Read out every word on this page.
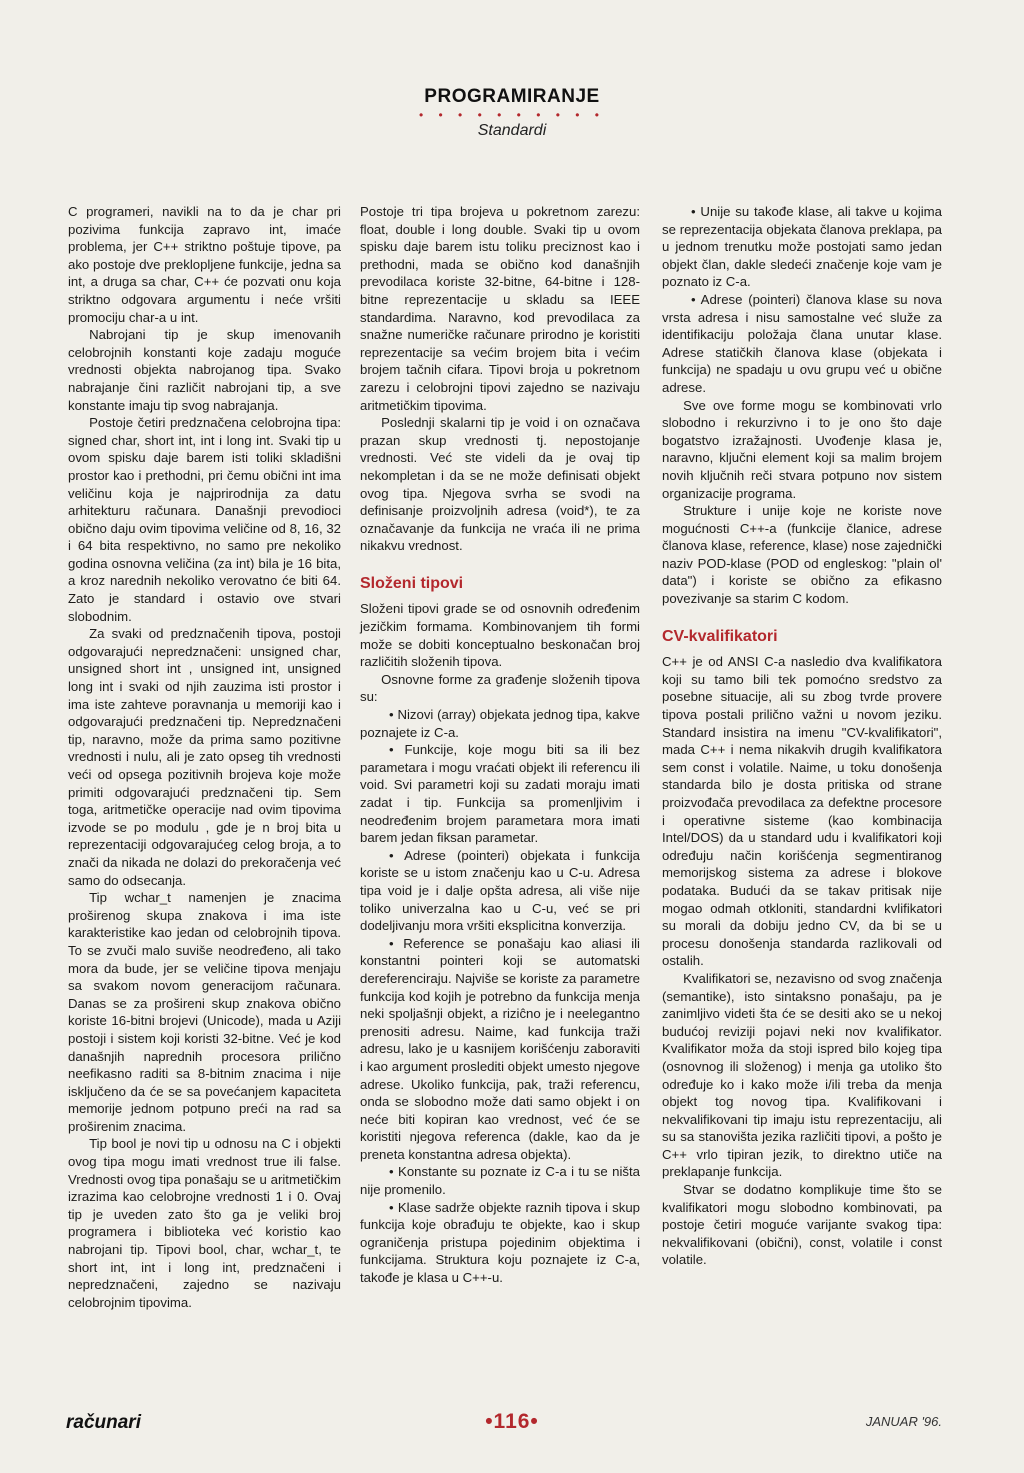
PROGRAMIRANJE
• • • • • • • • • •
Standardi

C programeri, navikli na to da je char pri pozivima funkcija zapravo int, imaće problema, jer C++ striktno poštuje tipove, pa ako postoje dve preklopljene funkcije, jedna sa int, a druga sa char, C++ će pozvati onu koja striktno odgovara argumentu i neće vršiti promociju char-a u int.

Nabrojani tip je skup imenovanih celobrojnih konstanti koje zadaju moguće vrednosti objekta nabrojanog tipa. Svako nabrajanje čini različit nabrojani tip, a sve konstante imaju tip svog nabrajanja.

Postoje četiri predznačena celobrojna tipa: signed char, short int, int i long int. Svaki tip u ovom spisku daje barem isti toliki skladišni prostor kao i prethodni, pri čemu obični int ima veličinu koja je najprirodnija za datu arhitekturu računara. Današnji prevodioci obično daju ovim tipovima veličine od 8, 16, 32 i 64 bita respektivno, no samo pre nekoliko godina osnovna veličina (za int) bila je 16 bita, a kroz narednih nekoliko verovatno će biti 64. Zato je standard i ostavio ove stvari slobodnim.

Za svaki od predznačenih tipova, postoji odgovarajući nepredznačeni: unsigned char, unsigned short int , unsigned int, unsigned long int i svaki od njih zauzima isti prostor i ima iste zahteve poravnanja u memoriji kao i odgovarajući predznačeni tip. Nepredznačeni tip, naravno, može da prima samo pozitivne vrednosti i nulu, ali je zato opseg tih vrednosti veći od opsega pozitivnih brojeva koje može primiti odgovarajući predznačeni tip. Sem toga, aritmetičke operacije nad ovim tipovima izvode se po modulu , gde je n broj bita u reprezentaciji odgovarajućeg celog broja, a to znači da nikada ne dolazi do prekoračenja već samo do odsecanja.

Tip wchar_t namenjen je znacima proširenog skupa znakova i ima iste karakteristike kao jedan od celobrojnih tipova. To se zvuči malo suviše neodređeno, ali tako mora da bude, jer se veličine tipova menjaju sa svakom novom generacijom računara. Danas se za prošireni skup znakova obično koriste 16-bitni brojevi (Unicode), mada u Aziji postoji i sistem koji koristi 32-bitne. Već je kod današnjih naprednih procesora prilično neefikasno raditi sa 8-bitnim znacima i nije isključeno da će se sa povećanjem kapaciteta memorije jednom potpuno preći na rad sa proširenim znacima.

Tip bool je novi tip u odnosu na C i objekti ovog tipa mogu imati vrednost true ili false. Vrednosti ovog tipa ponašaju se u aritmetičkim izrazima kao celobrojne vrednosti 1 i 0. Ovaj tip je uveden zato što ga je veliki broj programera i biblioteka već koristio kao nabrojani tip. Tipovi bool, char, wchar_t, te short int, int i long int, predznačeni i nepredznačeni, zajedno se nazivaju celobrojnim tipovima.

Postoje tri tipa brojeva u pokretnom zarezu: float, double i long double. Svaki tip u ovom spisku daje barem istu toliku preciznost kao i prethodni, mada se obično kod današnjih prevodilaca koriste 32-bitne, 64-bitne i 128-bitne reprezentacije u skladu sa IEEE standardima. Naravno, kod prevodilaca za snažne numeričke računare prirodno je koristiti reprezentacije sa većim brojem bita i većim brojem tačnih cifara. Tipovi broja u pokretnom zarezu i celobrojni tipovi zajedno se nazivaju aritmetičkim tipovima.

Poslednji skalarni tip je void i on označava prazan skup vrednosti tj. nepostojanje vrednosti. Već ste videli da je ovaj tip nekompletan i da se ne može definisati objekt ovog tipa. Njegova svrha se svodi na definisanje proizvoljnih adresa (void*), te za označavanje da funkcija ne vraća ili ne prima nikakvu vrednost.

Složeni tipovi

Složeni tipovi grade se od osnovnih određenim jezičkim formama. Kombinovanjem tih formi može se dobiti konceptualno beskonačan broj različitih složenih tipova.

Osnovne forme za građenje složenih tipova su:

• Nizovi (array) objekata jednog tipa, kakve poznajete iz C-a.

• Funkcije, koje mogu biti sa ili bez parametara i mogu vraćati objekt ili referencu ili void. Svi parametri koji su zadati moraju imati zadat i tip. Funkcija sa promenljivim i neodređenim brojem parametara mora imati barem jedan fiksan parametar.

• Adrese (pointeri) objekata i funkcija koriste se u istom značenju kao u C-u. Adresa tipa void je i dalje opšta adresa, ali više nije toliko univerzalna kao u C-u, već se pri dodeljivanju mora vršiti eksplicitna konverzija.

• Reference se ponašaju kao aliasi ili konstantni pointeri koji se automatski dereferenciraju. Najviše se koriste za parametre funkcija kod kojih je potrebno da funkcija menja neki spoljašnji objekt, a riziĉno je i neelegantno prenositi adresu. Naime, kad funkcija traži adresu, lako je u kasnijem korišćenju zaboraviti i kao argument proslediti objekt umesto njegove adrese. Ukoliko funkcija, pak, traži referencu, onda se slobodno može dati samo objekt i on neće biti kopiran kao vrednost, već će se koristiti njegova referenca (dakle, kao da je preneta konstantna adresa objekta).

• Konstante su poznate iz C-a i tu se ništa nije promenilo.

• Klase sadrže objekte raznih tipova i skup funkcija koje obrađuju te objekte, kao i skup ograničenja pristupa pojedinim objektima i funkcijama. Struktura koju poznajete iz C-a, takođe je klasa u C++-u.

• Unije su takođe klase, ali takve u kojima se reprezentacija objekata članova preklapa, pa u jednom trenutku može postojati samo jedan objekt član, dakle sledeći značenje koje vam je poznato iz C-a.

• Adrese (pointeri) članova klase su nova vrsta adresa i nisu samostalne već služe za identifikaciju položaja člana unutar klase. Adrese statičkih članova klase (objekata i funkcija) ne spadaju u ovu grupu već u obične adrese.

Sve ove forme mogu se kombinovati vrlo slobodno i rekurzivno i to je ono što daje bogatstvo izražajnosti. Uvođenje klasa je, naravno, ključni element koji sa malim brojem novih ključnih reči stvara potpuno nov sistem organizacije programa.

Strukture i unije koje ne koriste nove mogućnosti C++-a (funkcije članice, adrese članova klase, reference, klase) nose zajednički naziv POD-klase (POD od engleskog: "plain ol' data") i koriste se obično za efikasno povezivanje sa starim C kodom.

CV-kvalifikatori

C++ je od ANSI C-a nasledio dva kvalifikatora koji su tamo bili tek pomoćno sredstvo za posebne situacije, ali su zbog tvrde provere tipova postali prilično važni u novom jeziku. Standard insistira na imenu "CV-kvalifikatori", mada C++ i nema nikakvih drugih kvalifikatora sem const i volatile. Naime, u toku donošenja standarda bilo je dosta pritiska od strane proizvođača prevodilaca za defektne procesore i operativne sisteme (kao kombinacija Intel/DOS) da u standard udu i kvalifikatori koji određuju način korišćenja segmentiranog memorijskog sistema za adrese i blokove podataka. Budući da se takav pritisak nije mogao odmah otkloniti, standardni kvlifikatori su morali da dobiju jedno CV, da bi se u procesu donošenja standarda razlikovali od ostalih.

Kvalifikatori se, nezavisno od svog značenja (semantike), isto sintaksno ponašaju, pa je zanimljivo videti šta će se desiti ako se u nekoj budućoj reviziji pojavi neki nov kvalifikator. Kvalifikator moža da stoji ispred bilo kojeg tipa (osnovnog ili složenog) i menja ga utoliko što određuje ko i kako može i/ili treba da menja objekt tog novog tipa. Kvalifikovani i nekvalifikovani tip imaju istu reprezentaciju, ali su sa stanovišta jezika različiti tipovi, a pošto je C++ vrlo tipiran jezik, to direktno utiče na preklapanje funkcija.

Stvar se dodatno komplikuje time što se kvalifikatori mogu slobodno kombinovati, pa postoje četiri moguće varijante svakog tipa: nekvalifikovani (obični), const, volatile i const volatile.

računari	•116•	JANUAR '96.
